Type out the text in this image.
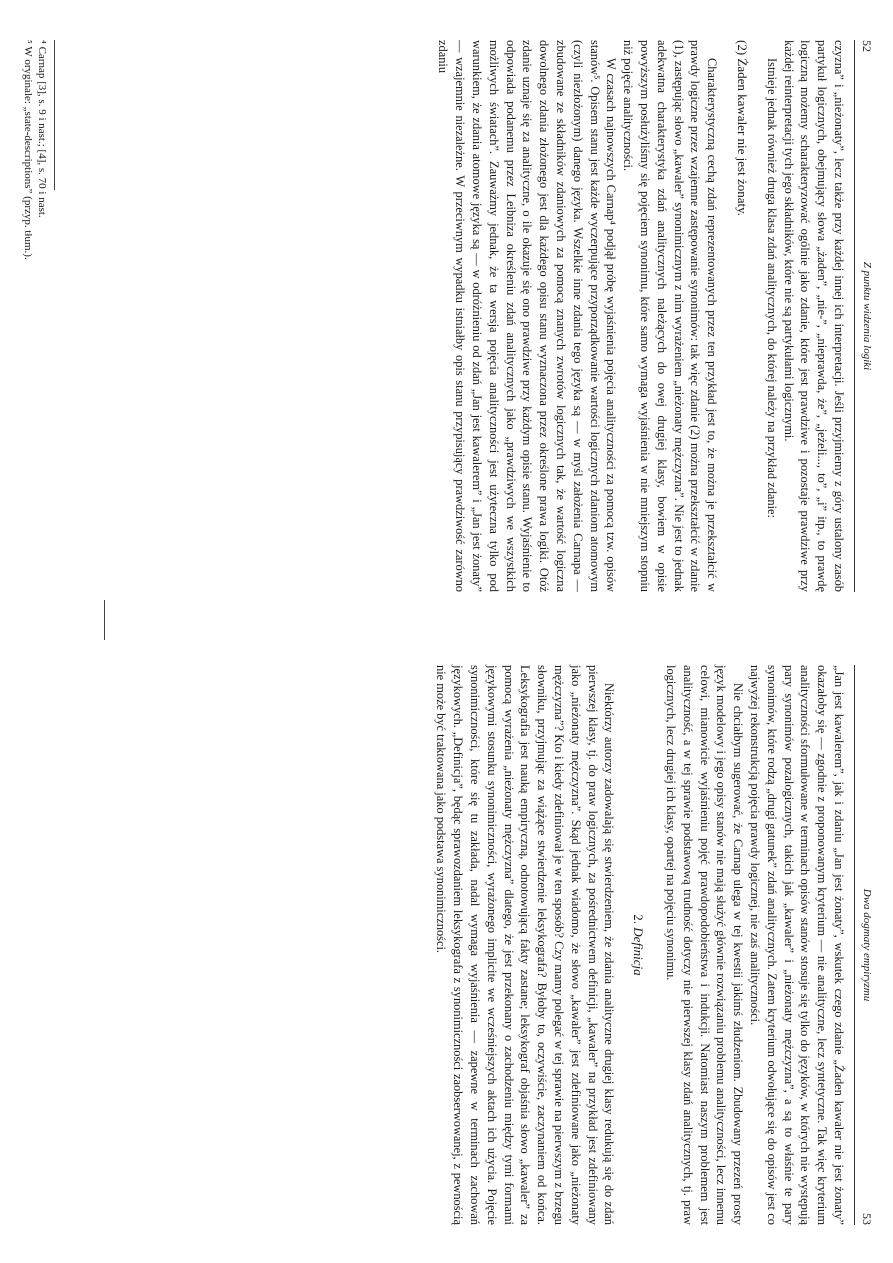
52
Z punktu widzenia logiki

czyzna” i „nieżonaty”, lecz także przy każdej innej ich interpretacji. Jeśli przyjmiemy z góry ustalony zasób partykuł logicznych, obejmujący słowa „żaden”, „nie-”, „nieprawda, że”, „jeżeli..., to”, „i” itp., to prawdę logiczną możemy scharakteryzować ogólnie jako zdanie, które jest prawdziwe i pozostaje prawdziwe przy każdej reinterpretacji tych jego składników, które nie są partykułami logicznymi.

Istnieje jednak również druga klasa zdań analitycznych, do której należy na przykład zdanie:

(2) Żaden kawaler nie jest żonaty.

Charakterystyczną cechą zdań reprezentowanych przez ten przykład jest to, że można je przekształcić w prawdy logiczne przez wzajemne zastępowanie synonimów: tak więc zdanie (2) można przekształcić w zdanie (1), zastępując słowo „kawaler” synonimicznym z nim wyrażeniem „nieżonaty mężczyzna”. Nie jest to jednak adekwatna charakterystyka zdań analitycznych należących do owej drugiej klasy, bowiem w opisie powyższym posłużyliśmy się pojęciem synonimu, które samo wymaga wyjaśnienia w nie mniejszym stopniu niż pojęcie analityczności.

W czasach najnowszych Carnap⁴ podjął próbę wyjaśnienia pojęcia analityczności za pomocą tzw. opisów stanów⁵. Opisem stanu jest każde wyczerpujące przyporządkowanie wartości logicznych zdaniom atomowym (czyli niezłożonym) danego języka. Wszelkie inne zdania tego języka są — w myśl założenia Carnapa — zbudowane ze składników zdaniowych za pomocą znanych zwrotów logicznych tak, że wartość logiczna dowolnego zdania złożonego jest dla każdego opisu stanu wyznaczona przez określone prawa logiki. Otóż zdanie uznaje się za analityczne, o ile okazuje się ono prawdziwe przy każdym opisie stanu. Wyjaśnienie to odpowiada podanemu przez Leibniza określeniu zdań analitycznych jako „prawdziwych we wszystkich możliwych światach”. Zauważmy jednak, że ta wersja pojęcia analityczności jest użyteczna tylko pod warunkiem, że zdania atomowe języka są — w odróżnieniu od zdań „Jan jest kawalerem” i „Jan jest żonaty” — wzajemnie niezależne. W przeciwnym wypadku istniałby opis stanu przypisujący prawdziwość zarówno zdaniu

⁴ Carnap [3], s. 9 i nast.; [4], s. 70 i nast.
⁵ W oryginale: „state-descriptions” (przyp. tłum.).
Dwa dogmaty empiryzmu
53

„Jan jest kawalerem”, jak i zdaniu „Jan jest żonaty”, wskutek czego zdanie „Żaden kawaler nie jest żonaty” okazałoby się — zgodnie z proponowanym kryterium — nie analityczne, lecz syntetyczne. Tak więc kryterium analityczności sformułowane w terminach opisów stanów stosuje się tylko do języków, w których nie występują pary synonimów pozalogicznych, takich jak „kawaler” i „nieżonaty mężczyzna”, a są to właśnie te pary synonimów, które rodzą „drugi gatunek” zdań analitycznych. Zatem kryterium odwołujące się do opisów jest co najwyżej rekonstrukcją pojęcia prawdy logicznej, nie zaś analityczności.

Nie chciałbym sugerować, że Carnap ulega w tej kwestii jakimś złudzeniom. Zbudowany przezeń prosty język modelowy i jego opisy stanów nie mają służyć głównie rozwiązaniu problemu analityczności, lecz innemu celowi, mianowicie wyjaśnieniu pojęć prawdopodobieństwa i indukcji. Natomiast naszym problemem jest analityczność, a w tej sprawie podstawową trudność dotyczy nie pierwszej klasy zdań analitycznych, tj. praw logicznych, lecz drugiej ich klasy, opartej na pojęciu synonimu.

2. Definicja

Niektórzy autorzy zadowalają się stwierdzeniem, że zdania analityczne drugiej klasy redukują się do zdań pierwszej klasy, tj. do praw logicznych, za pośrednictwem definicji, „kawaler” na przykład jest zdefiniowany jako „nieżonaty mężczyzna”. Skąd jednak wiadomo, że słowo „kawaler” jest zdefiniowane jako „nieżonaty mężczyzna”? Kto i kiedy zdefiniował je w ten sposób? Czy mamy polegać w tej sprawie na pierwszym z brzegu słowniku, przyjmując za wiążące stwierdzenie leksykografa? Byłoby to, oczywiście, zaczynaniem od końca. Leksykografia jest nauką empiryczną, odnotowującą fakty zastane; leksykograf objaśnia słowo „kawaler” za pomocą wyrażenia „nieżonaty mężczyzna” dlatego, że jest przekonany o zachodzeniu między tymi formami językowymi stosunku synonimiczności, wyrażonego implicite we wcześniejszych aktach ich użycia. Pojęcie synonimiczności, które się tu zakłada, nadal wymaga wyjaśnienia — zapewne w terminach zachowań językowych. „Definicja”, będąc sprawozdaniem leksykografa z synonimiczności zaobserwowanej, z pewnością nie może być traktowana jako podstawa synonimiczności.
